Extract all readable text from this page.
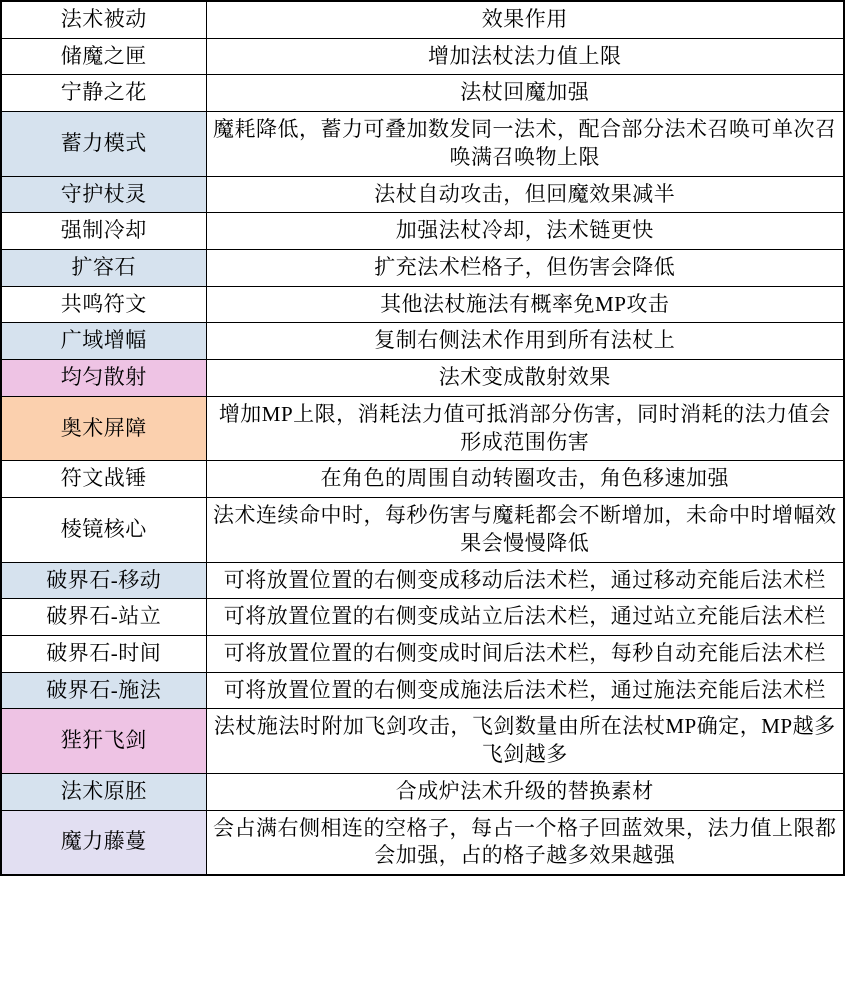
法术被动	效果作用
储魔之匣	增加法杖法力值上限
宁静之花	法杖回魔加强
蓄力模式	魔耗降低，蓄力可叠加数发同一法术，配合部分法术召唤可单次召唤满召唤物上限
守护杖灵	法杖自动攻击，但回魔效果减半
强制冷却	加强法杖冷却，法术链更快
扩容石	扩充法术栏格子，但伤害会降低
共鸣符文	其他法杖施法有概率免MP攻击
广域增幅	复制右侧法术作用到所有法杖上
均匀散射	法术变成散射效果
奥术屏障	增加MP上限，消耗法力值可抵消部分伤害，同时消耗的法力值会形成范围伤害
符文战锤	在角色的周围自动转圈攻击，角色移速加强
棱镜核心	法术连续命中时，每秒伤害与魔耗都会不断增加，未命中时增幅效果会慢慢降低
破界石-移动	可将放置位置的右侧变成移动后法术栏，通过移动充能后法术栏
破界石-站立	可将放置位置的右侧变成站立后法术栏，通过站立充能后法术栏
破界石-时间	可将放置位置的右侧变成时间后法术栏，每秒自动充能后法术栏
破界石-施法	可将放置位置的右侧变成施法后法术栏，通过施法充能后法术栏
狴犴飞剑	法杖施法时附加飞剑攻击，飞剑数量由所在法杖MP确定，MP越多飞剑越多
法术原胚	合成炉法术升级的替换素材
魔力藤蔓	会占满右侧相连的空格子，每占一个格子回蓝效果，法力值上限都会加强，占的格子越多效果越强
